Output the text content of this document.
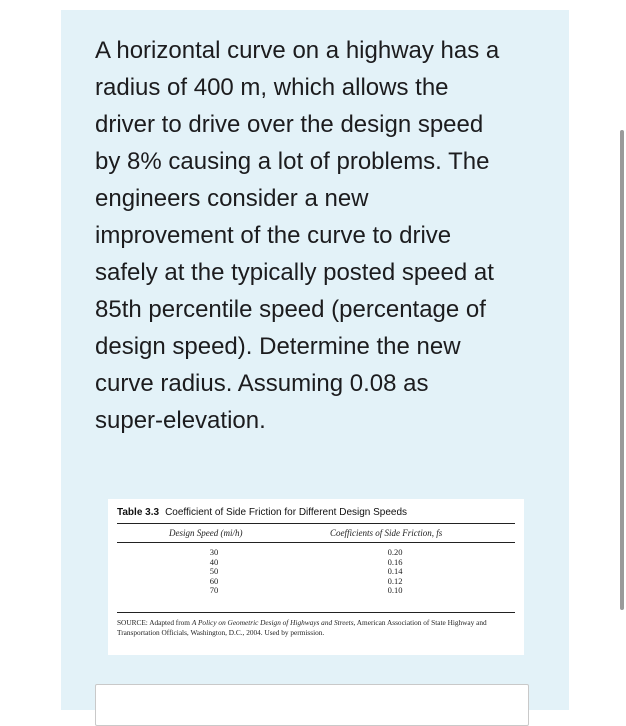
A horizontal curve on a highway has a
radius of 400 m, which allows the
driver to drive over the design speed
by 8% causing a lot of problems. The
engineers consider a new
improvement of the curve to drive
safely at the typically posted speed at
85th percentile speed (percentage of
design speed). Determine the new
curve radius. Assuming 0.08 as
super-elevation.
Table 3.3 Coefficient of Side Friction for Different Design Speeds
Design Speed (mi/h)	Coefficients of Side Friction, fs
30
40
50
60
70
0.20
0.16
0.14
0.12
0.10
SOURCE: Adapted from A Policy on Geometric Design of Highways and Streets, American Association of State Highway and Transportation Officials, Washington, D.C., 2004. Used by permission.
